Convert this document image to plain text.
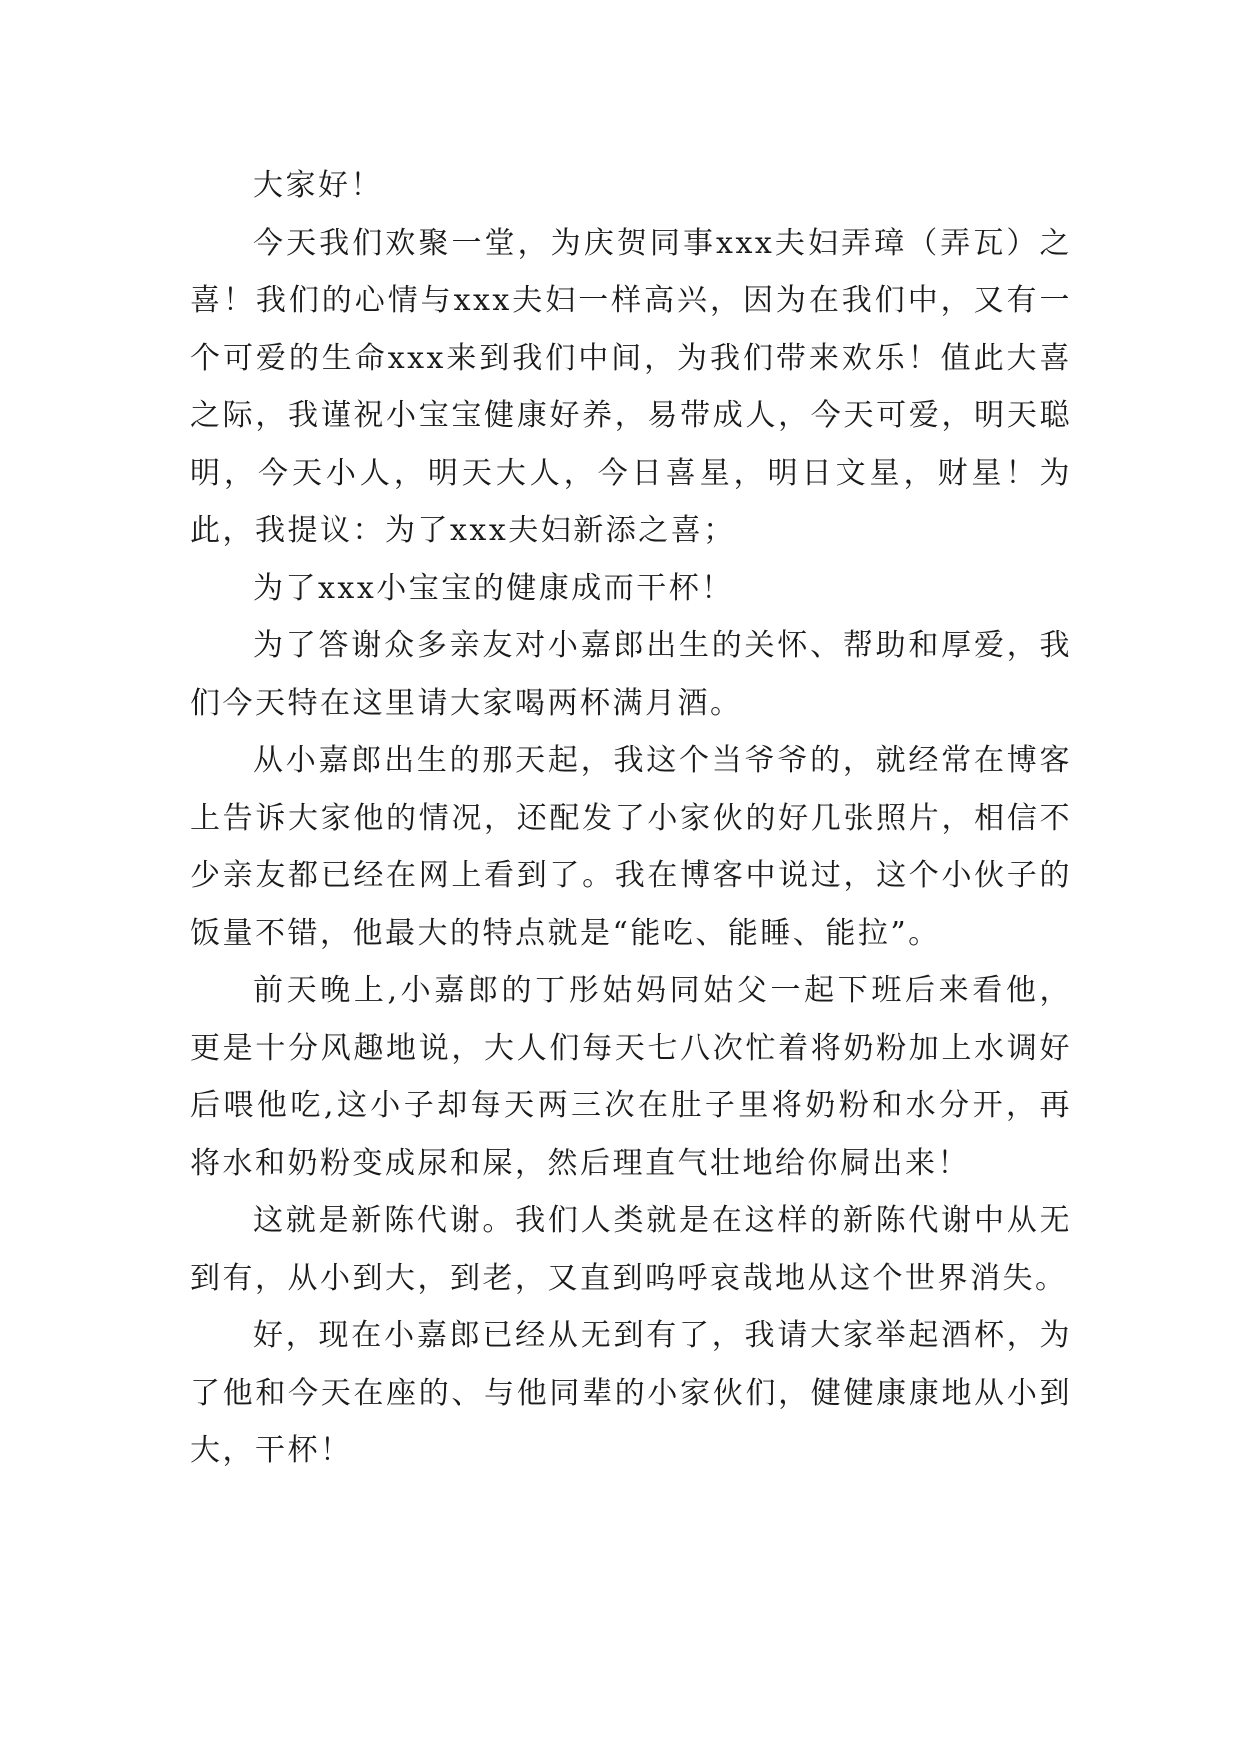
大家好！

今天我们欢聚一堂，为庆贺同事xxx夫妇弄璋（弄瓦）之喜！我们的心情与xxx夫妇一样高兴，因为在我们中，又有一个可爱的生命xxx来到我们中间，为我们带来欢乐！值此大喜之际，我谨祝小宝宝健康好养，易带成人，今天可爱，明天聪明，今天小人，明天大人，今日喜星，明日文星，财星！为此，我提议：为了xxx夫妇新添之喜；

为了xxx小宝宝的健康成而干杯！

为了答谢众多亲友对小嘉郎出生的关怀、帮助和厚爱，我们今天特在这里请大家喝两杯满月酒。

从小嘉郎出生的那天起，我这个当爷爷的，就经常在博客上告诉大家他的情况，还配发了小家伙的好几张照片，相信不少亲友都已经在网上看到了。我在博客中说过，这个小伙子的饭量不错，他最大的特点就是“能吃、能睡、能拉”。

前天晚上,小嘉郎的丁彤姑妈同姑父一起下班后来看他，更是十分风趣地说，大人们每天七八次忙着将奶粉加上水调好后喂他吃,这小子却每天两三次在肚子里将奶粉和水分开，再将水和奶粉变成尿和屎，然后理直气壮地给你屙出来！

这就是新陈代谢。我们人类就是在这样的新陈代谢中从无到有，从小到大，到老，又直到呜呼哀哉地从这个世界消失。

好，现在小嘉郎已经从无到有了，我请大家举起酒杯，为了他和今天在座的、与他同辈的小家伙们，健健康康地从小到大，干杯！
